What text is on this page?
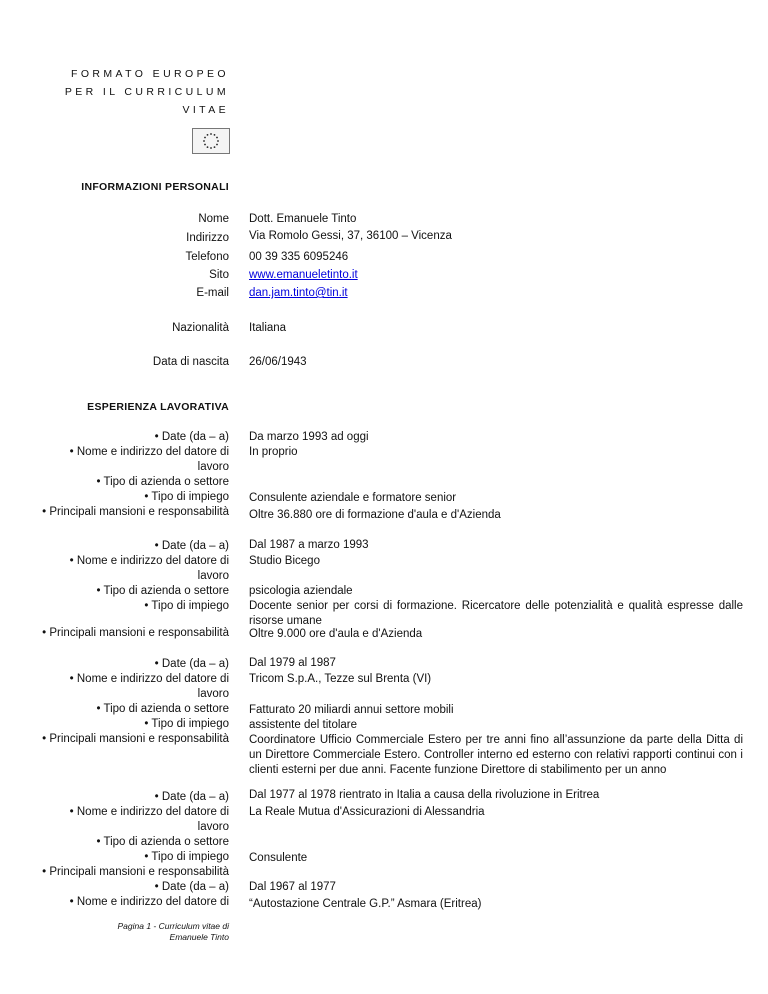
FORMATO EUROPEO
PER IL CURRICULUM
VITAE
INFORMAZIONI PERSONALI
Nome Dott. Emanuele Tinto
Indirizzo Via Romolo Gessi, 37, 36100 – Vicenza
Telefono 00 39 335 6095246
Sito www.emanueletinto.it
E-mail dan.jam.tinto@tin.it
Nazionalità Italiana
Data di nascita 26/06/1943
ESPERIENZA LAVORATIVA
• Date (da – a)
• Nome e indirizzo del datore di
lavoro
• Tipo di azienda o settore
• Tipo di impiego
• Principali mansioni e responsabilità
Da marzo 1993 ad oggi
In proprio
Consulente aziendale e formatore senior
Oltre 36.880 ore di formazione d'aula e d'Azienda
• Date (da – a)
• Nome e indirizzo del datore di
lavoro
• Tipo di azienda o settore
• Tipo di impiego
• Principali mansioni e responsabilità
Dal 1987 a marzo 1993
Studio Bicego
psicologia aziendale
Docente senior per corsi di formazione. Ricercatore delle potenzialità e qualità espresse dalle risorse umane
Oltre 9.000 ore d'aula e d'Azienda
• Date (da – a)
• Nome e indirizzo del datore di
lavoro
• Tipo di azienda o settore
• Tipo di impiego
• Principali mansioni e responsabilità
Dal 1979 al 1987
Tricom S.p.A., Tezze sul Brenta (VI)
Fatturato 20 miliardi annui settore mobili
assistente del titolare
Coordinatore Ufficio Commerciale Estero per tre anni fino all’assunzione da parte della Ditta di un Direttore Commerciale Estero. Controller interno ed esterno con relativi rapporti continui con i clienti esterni per due anni. Facente funzione Direttore di stabilimento per un anno
• Date (da – a)
• Nome e indirizzo del datore di
lavoro
• Tipo di azienda o settore
• Tipo di impiego
• Principali mansioni e responsabilità
Dal 1977 al 1978 rientrato in Italia a causa della rivoluzione in Eritrea
La Reale Mutua d'Assicurazioni di Alessandria
Consulente
• Date (da – a)
• Nome e indirizzo del datore di
Dal 1967 al 1977
“Autostazione Centrale G.P.” Asmara (Eritrea)
Pagina 1 - Curriculum vitae di
Emanuele Tinto
